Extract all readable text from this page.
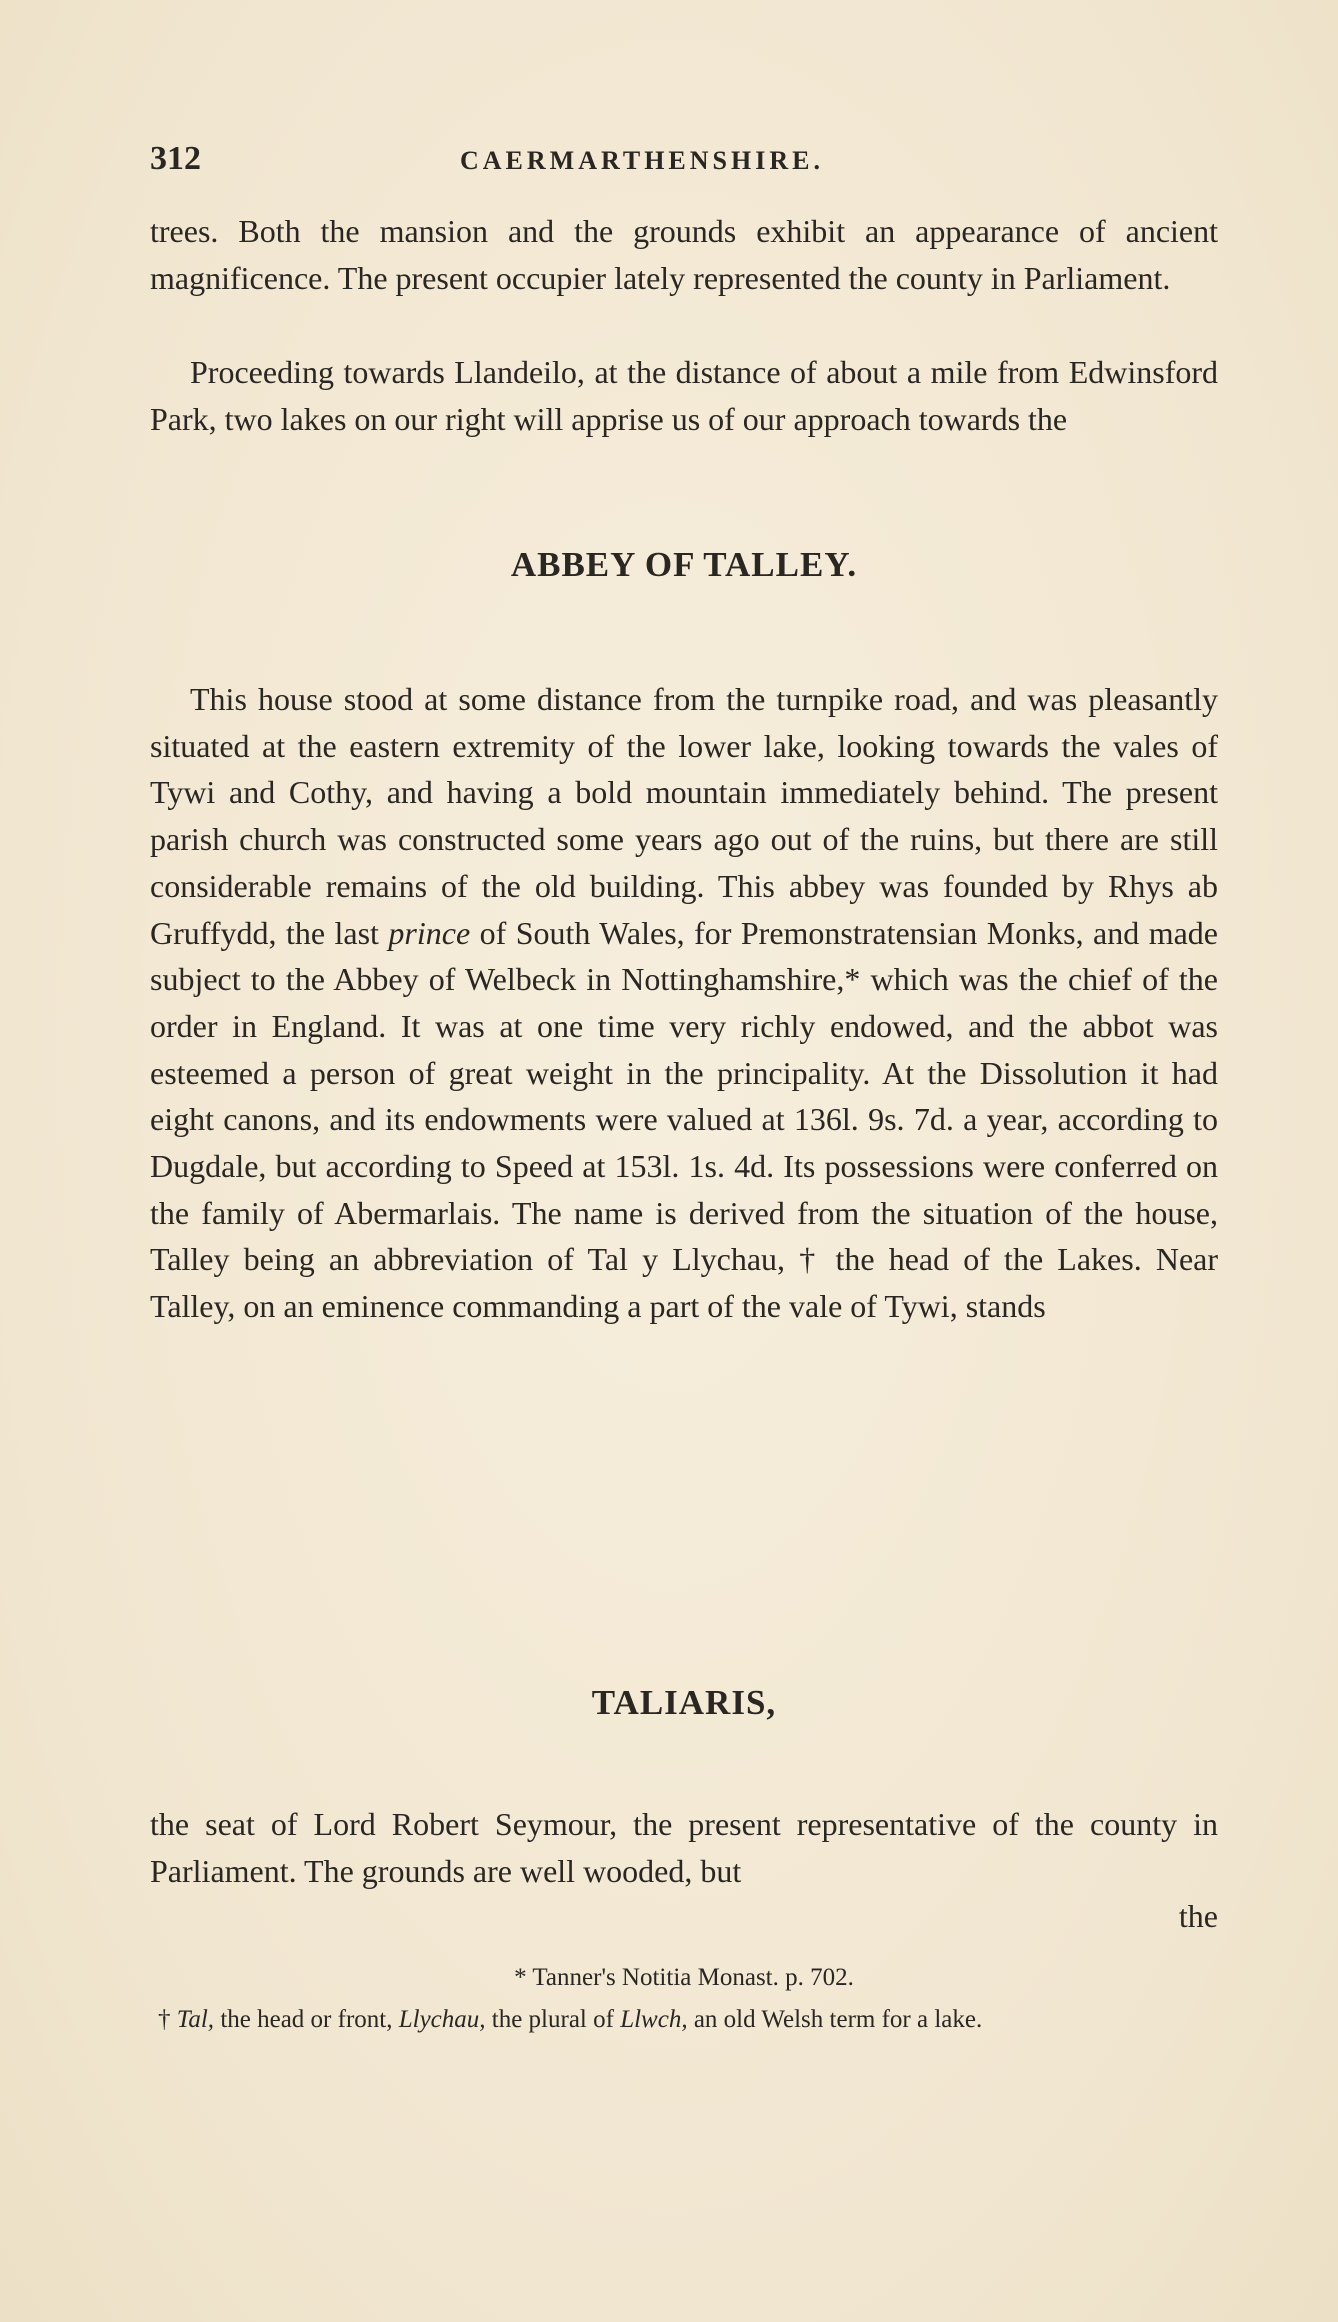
312	CAERMARTHENSHIRE.

trees. Both the mansion and the grounds exhibit an appearance of ancient magnificence. The present occupier lately represented the county in Parliament.

Proceeding towards Llandeilo, at the distance of about a mile from Edwinsford Park, two lakes on our right will apprise us of our approach towards the

ABBEY OF TALLEY.

This house stood at some distance from the turnpike road, and was pleasantly situated at the eastern extremity of the lower lake, looking towards the vales of Tywi and Cothy, and having a bold mountain immediately behind. The present parish church was constructed some years ago out of the ruins, but there are still considerable remains of the old building. This abbey was founded by Rhys ab Gruffydd, the last prince of South Wales, for Premonstratensian Monks, and made subject to the Abbey of Welbeck in Nottinghamshire,* which was the chief of the order in England. It was at one time very richly endowed, and the abbot was esteemed a person of great weight in the principality. At the Dissolution it had eight canons, and its endowments were valued at 136l. 9s. 7d. a year, according to Dugdale, but according to Speed at 153l. 1s. 4d. Its possessions were conferred on the family of Abermarlais. The name is derived from the situation of the house, Talley being an abbreviation of Tal y Llychau, † the head of the Lakes. Near Talley, on an eminence commanding a part of the vale of Tywi, stands

TALIARIS,

the seat of Lord Robert Seymour, the present representative of the county in Parliament. The grounds are well wooded, but

the

* Tanner's Notitia Monast. p. 702.

† Tal, the head or front, Llychau, the plural of Llwch, an old Welsh term for a lake.
